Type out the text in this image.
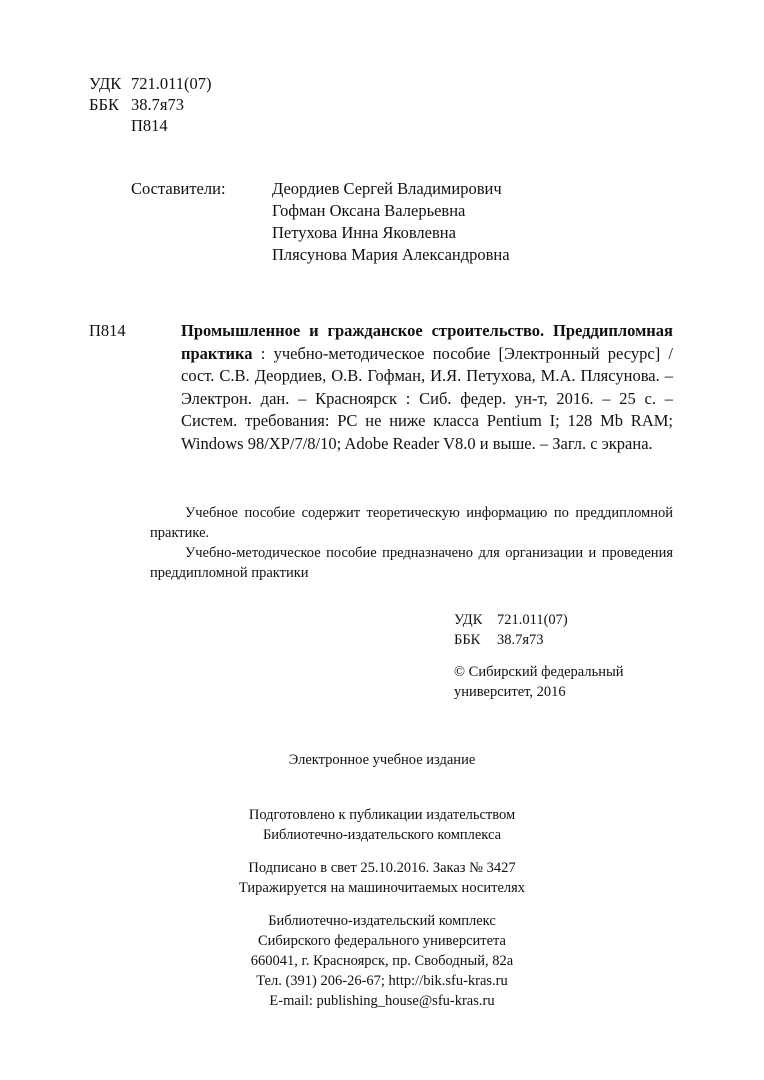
УДК 721.011(07)
ББК 38.7я73
П814
Составители:	Деордиев Сергей Владимирович
Гофман Оксана Валерьевна
Петухова Инна Яковлевна
Плясунова Мария Александровна
П814	Промышленное и гражданское строительство. Преддипломная практика : учебно-методическое пособие [Электронный ресурс] / сост. С.В. Деордиев, О.В. Гофман, И.Я. Петухова, М.А. Плясунова. – Электрон. дан. – Красноярск : Сиб. федер. ун-т, 2016. – 25 с. – Систем. требования: PC не ниже класса Pentium I; 128 Mb RAM; Windows 98/XP/7/8/10; Adobe Reader V8.0 и выше. – Загл. с экрана.

Учебное пособие содержит теоретическую информацию по преддипломной практике.

Учебно-методическое пособие предназначено для организации и проведения преддипломной практики

УДК	721.011(07)
ББК	38.7я73
© Сибирский федеральный
университет, 2016
Электронное учебное издание
Подготовлено к публикации издательством
Библиотечно-издательского комплекса
Подписано в свет 25.10.2016. Заказ № 3427
Тиражируется на машиночитаемых носителях
Библиотечно-издательский комплекс
Сибирского федерального университета
660041, г. Красноярск, пр. Свободный, 82а
Тел. (391) 206-26-67; http://bik.sfu-kras.ru
E-mail: publishing_house@sfu-kras.ru
